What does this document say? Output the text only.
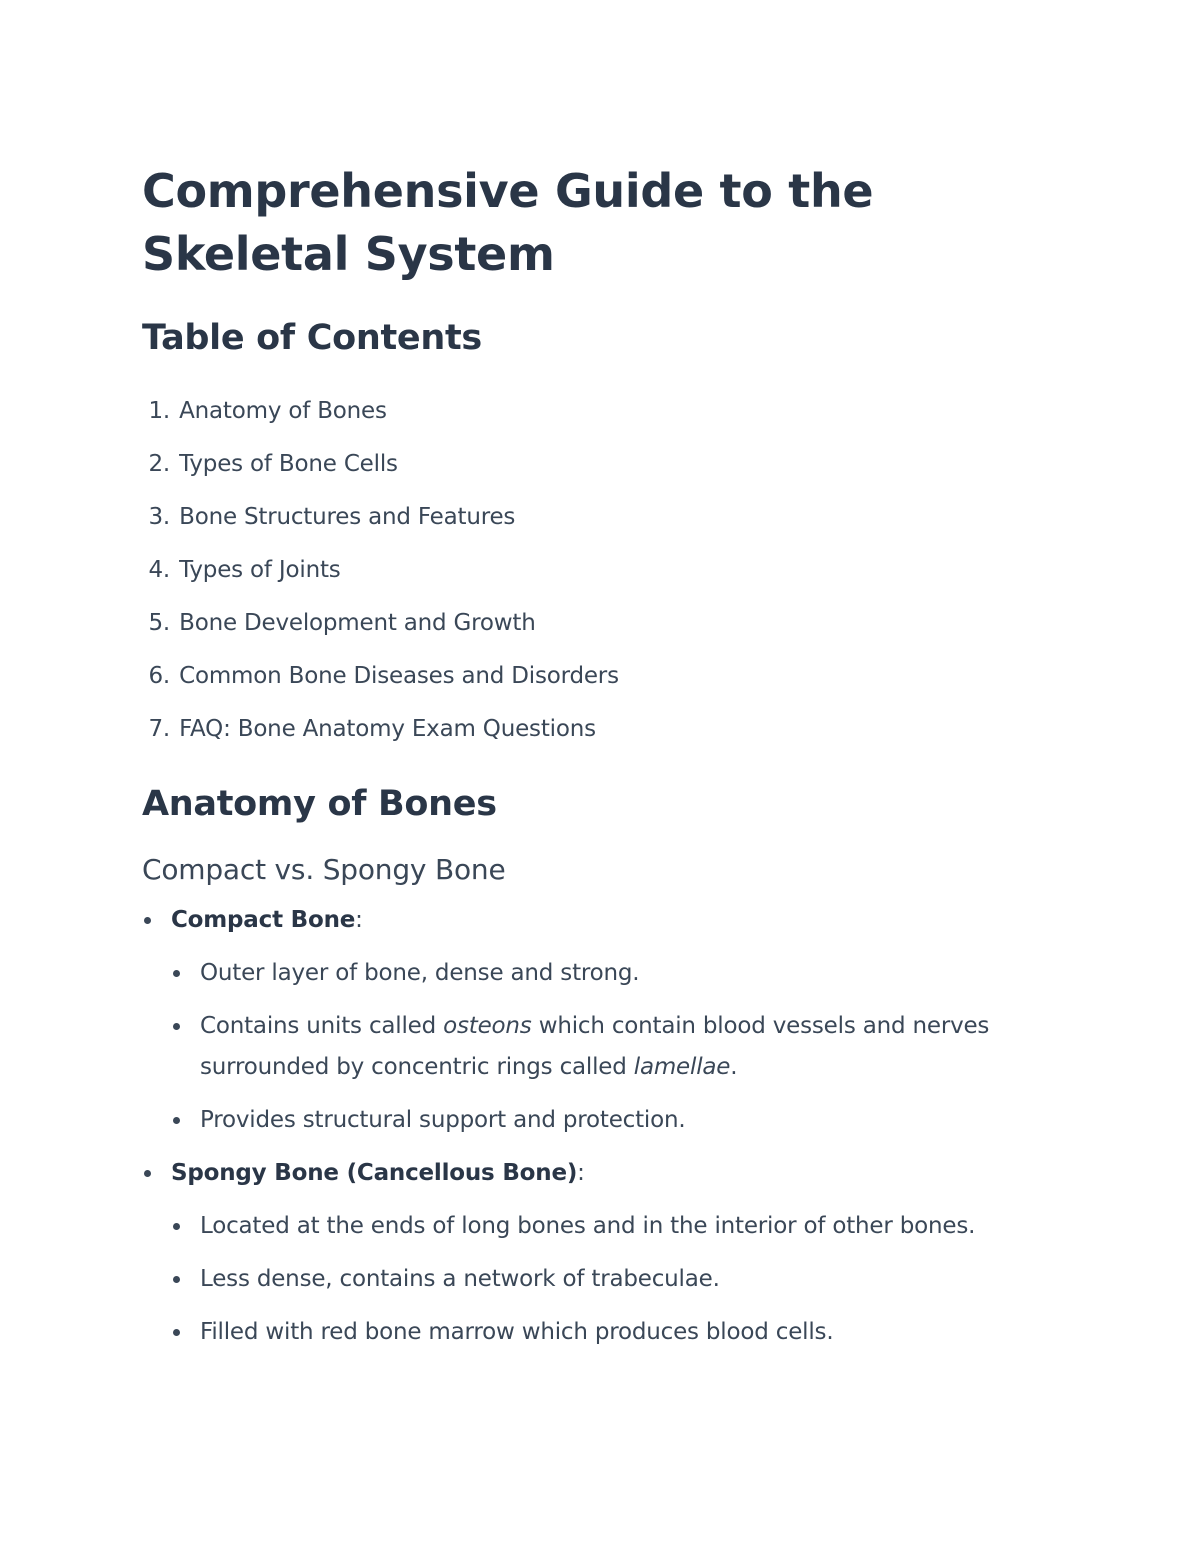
Comprehensive Guide to the Skeletal System
Table of Contents
1. Anatomy of Bones
2. Types of Bone Cells
3. Bone Structures and Features
4. Types of Joints
5. Bone Development and Growth
6. Common Bone Diseases and Disorders
7. FAQ: Bone Anatomy Exam Questions
Anatomy of Bones
Compact vs. Spongy Bone
Compact Bone:
Outer layer of bone, dense and strong.
Contains units called osteons which contain blood vessels and nerves surrounded by concentric rings called lamellae.
Provides structural support and protection.
Spongy Bone (Cancellous Bone):
Located at the ends of long bones and in the interior of other bones.
Less dense, contains a network of trabeculae.
Filled with red bone marrow which produces blood cells.
